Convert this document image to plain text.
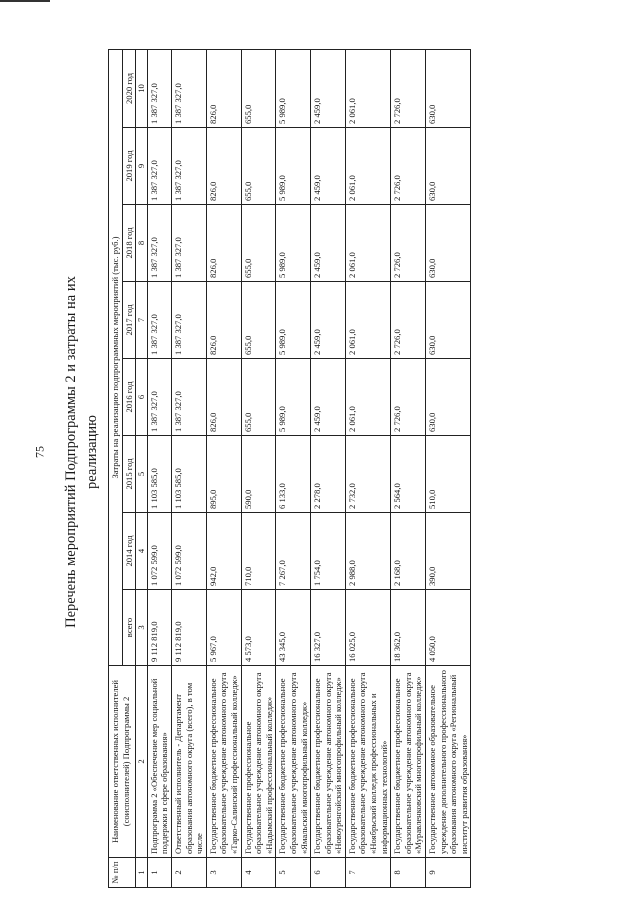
75 Перечень мероприятий Подпрограммы 2 и затраты на их реализацию
№ п/п	Наименование ответственных исполнителей (соисполнителей) Подпрограммы 2	Затраты на реализацию подпрограммных мероприятий (тыс. руб.)							
		всего	2014 год	2015 год	2016 год	2017 год	2018 год	2019 год	2020 год
1	2	3	4	5	6	7	8	9	10
1	Подпрограмма 2 «Обеспечение мер социальной поддержки в сфере образования»	9 112 819,0	1 072 599,0	1 103 585,0	1 387 327,0	1 387 327,0	1 387 327,0	1 387 327,0	1 387 327,0
2	Ответственный исполнитель - Департамент образования автономного округа (всего), в том числе	9 112 819,0	1 072 599,0	1 103 585,0	1 387 327,0	1 387 327,0	1 387 327,0	1 387 327,0	1 387 327,0
3	Государственное бюджетное профессиональное образовательное учреждение автономного округа «Тарко-Салинский профессиональный колледж»	5 967,0	942,0	895,0	826,0	826,0	826,0	826,0	826,0
4	Государственное профессиональное образовательное учреждение автономного округа «Надымский профессиональный колледж»	4 573,0	710,0	590,0	655,0	655,0	655,0	655,0	655,0
5	Государственное бюджетное профессиональное образовательное учреждение автономного округа «Ямальский многопрофильный колледж»	43 345,0	7 267,0	6 133,0	5 989,0	5 989,0	5 989,0	5 989,0	5 989,0
6	Государственное бюджетное профессиональное образовательное учреждение автономного округа «Новоуренгойский многопрофильный колледж»	16 327,0	1 754,0	2 278,0	2 459,0	2 459,0	2 459,0	2 459,0	2 459,0
7	Государственное бюджетное профессиональное образовательное учреждение автономного округа «Ноябрьский колледж профессиональных и информационных технологий»	16 025,0	2 988,0	2 732,0	2 061,0	2 061,0	2 061,0	2 061,0	2 061,0
8	Государственное бюджетное профессиональное образовательное учреждение автономного округа «Муравленковский многопрофильный колледж»	18 362,0	2 168,0	2 564,0	2 726,0	2 726,0	2 726,0	2 726,0	2 726,0
9	Государственное автономное образовательное учреждение дополнительного профессионального образования автономного округа «Региональный институт развития образования»	4 050,0	390,0	510,0	630,0	630,0	630,0	630,0	630,0
